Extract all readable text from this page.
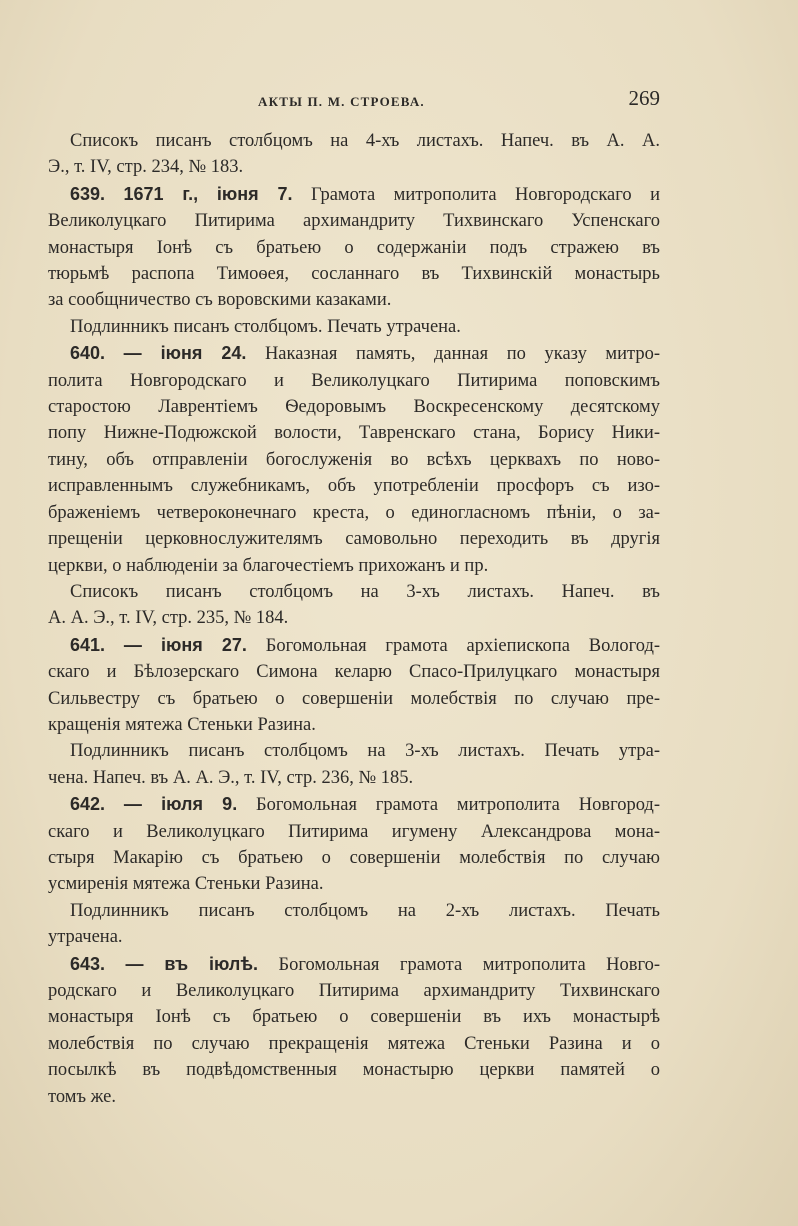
АКТЫ П. М. СТРОЕВА.	269
Списокъ писанъ столбцомъ на 4-хъ листахъ. Напеч. въ А. А.
Э., т. IV, стр. 234, № 183.
639. 1671 г., іюня 7. Грамота митрополита Новгородскаго и
Великолуцкаго Питирима архимандриту Тихвинскаго Успенскаго
монастыря Іонѣ съ братьею о содержаніи подъ стражею въ
тюрьмѣ распопа Тимоѳея, сосланнаго въ Тихвинскій монастырь
за сообщничество съ воровскими казаками.
Подлинникъ писанъ столбцомъ. Печать утрачена.
640. — іюня 24. Наказная память, данная по указу митро-
полита Новгородскаго и Великолуцкаго Питирима поповскимъ
старостою Лаврентіемъ Ѳедоровымъ Воскресенскому десятскому
попу Нижне-Подюжской волости, Тавренскаго стана, Борису Ники-
тину, объ отправленіи богослуженія во всѣхъ церквахъ по ново-
исправленнымъ служебникамъ, объ употребленіи просфоръ съ изо-
браженіемъ четвероконечнаго креста, о единогласномъ пѣніи, о за-
прещеніи церковнослужителямъ самовольно переходить въ другія
церкви, о наблюденіи за благочестіемъ прихожанъ и пр.
Списокъ писанъ столбцомъ на 3-хъ листахъ. Напеч. въ
А. А. Э., т. IV, стр. 235, № 184.
641. — іюня 27. Богомольная грамота архіепископа Вологод-
скаго и Бѣлозерскаго Симона келарю Спасо-Прилуцкаго монастыря
Сильвестру съ братьею о совершеніи молебствія по случаю пре-
кращенія мятежа Стеньки Разина.
Подлинникъ писанъ столбцомъ на 3-хъ листахъ. Печать утра-
чена. Напеч. въ А. А. Э., т. IV, стр. 236, № 185.
642. — іюля 9. Богомольная грамота митрополита Новгород-
скаго и Великолуцкаго Питирима игумену Александрова мона-
стыря Макарію съ братьею о совершеніи молебствія по случаю
усмиренія мятежа Стеньки Разина.
Подлинникъ писанъ столбцомъ на 2-хъ листахъ. Печать
утрачена.
643. — въ іюлѣ. Богомольная грамота митрополита Новго-
родскаго и Великолуцкаго Питирима архимандриту Тихвинскаго
монастыря Іонѣ съ братьею о совершеніи въ ихъ монастырѣ
молебствія по случаю прекращенія мятежа Стеньки Разина и о
посылкѣ въ подвѣдомственныя монастырю церкви памятей о
томъ же.
